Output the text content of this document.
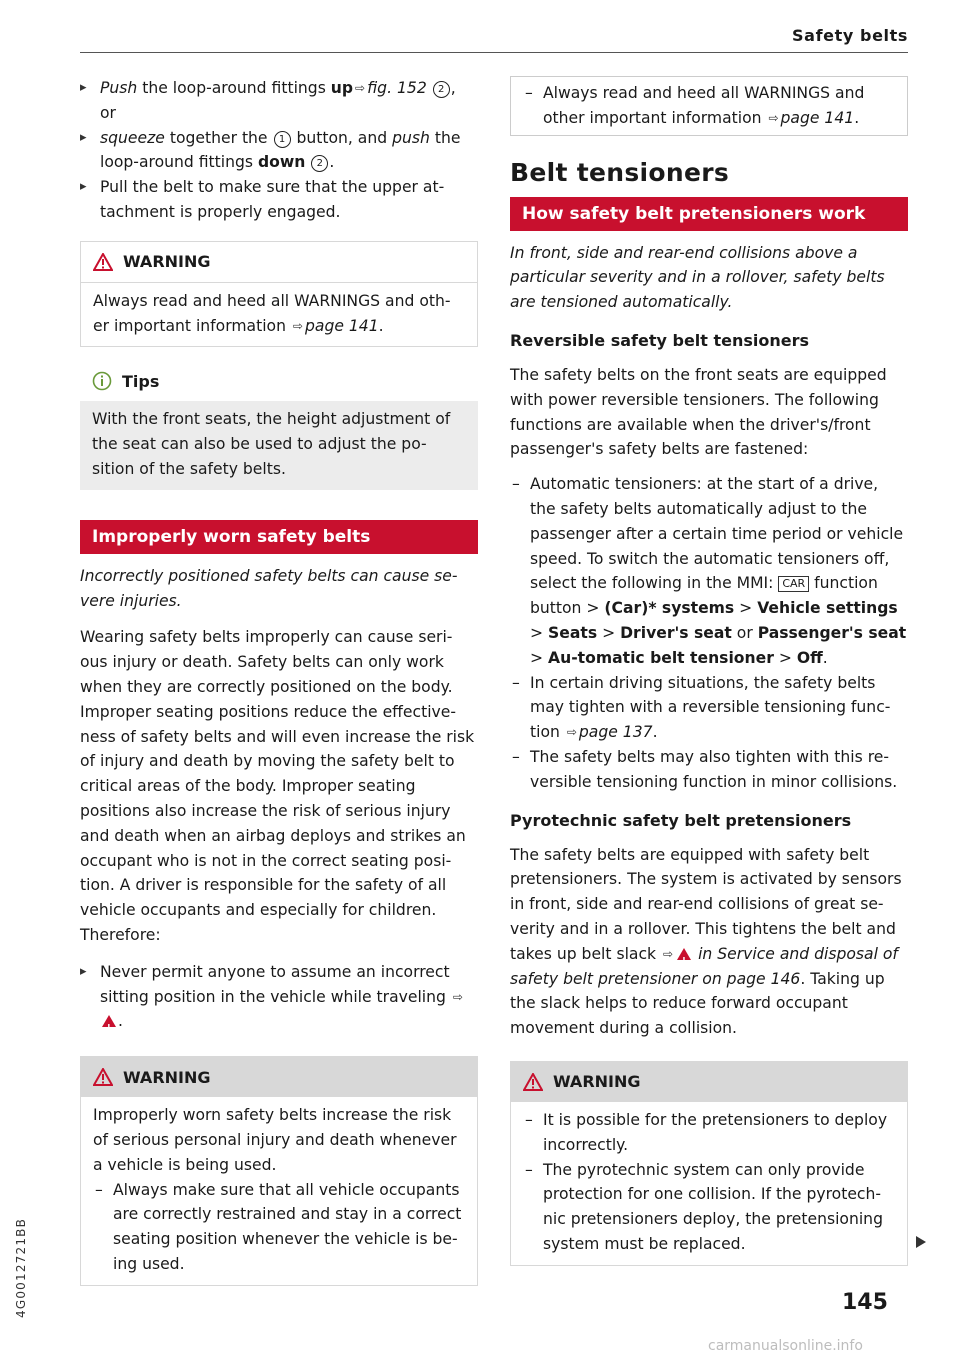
Safety belts

▸ Push the loop-around fittings up ⇨ fig. 152 2 ,

or

▸ squeeze together the 1 button, and push the loop-around fittings down 2 .

▸ Pull the belt to make sure that the upper at-tachment is properly engaged.

WARNING

Always read and heed all WARNINGS and oth-er important information ⇨ page 141.

Tips

With the front seats, the height adjustment of the seat can also be used to adjust the po-sition of the safety belts.

Improperly worn safety belts

Incorrectly positioned safety belts can cause se-vere injuries.

Wearing safety belts improperly can cause seri-ous injury or death. Safety belts can only work when they are correctly positioned on the body. Improper seating positions reduce the effective-ness of safety belts and will even increase the risk of injury and death by moving the safety belt to critical areas of the body. Improper seating positions also increase the risk of serious injury and death when an airbag deploys and strikes an occupant who is not in the correct seating posi-tion. A driver is responsible for the safety of all vehicle occupants and especially for children. Therefore:

▸ Never permit anyone to assume an incorrect sitting position in the vehicle while traveling ⇨!.

WARNING

Improperly worn safety belts increase the risk of serious personal injury and death whenever a vehicle is being used.

– Always make sure that all vehicle occupants are correctly restrained and stay in a correct seating position whenever the vehicle is be-ing used.

– Always read and heed all WARNINGS and other important information ⇨ page 141.

Belt tensioners
How safety belt pretensioners work

In front, side and rear-end collisions above a particular severity and in a rollover, safety belts are tensioned automatically.

Reversible safety belt tensioners

The safety belts on the front seats are equipped with power reversible tensioners. The following functions are available when the driver's/front passenger's safety belts are fastened:

– Automatic tensioners: at the start of a drive, the safety belts automatically adjust to the passenger after a certain time period or vehicle speed. To switch the automatic tensioners off, select the following in the MMI: CAR function button > (Car)* systems > Vehicle settings > Seats > Driver's seat or Passenger's seat > Au-tomatic belt tensioner > Off.

– In certain driving situations, the safety belts may tighten with a reversible tensioning func-tion ⇨ page 137.

– The safety belts may also tighten with this re-versible tensioning function in minor collisions.

Pyrotechnic safety belt pretensioners

The safety belts are equipped with safety belt pretensioners. The system is activated by sensors in front, side and rear-end collisions of great se-verity and in a rollover. This tightens the belt and takes up belt slack ⇨! in Service and disposal of safety belt pretensioner on page 146. Taking up the slack helps to reduce forward occupant movement during a collision.

WARNING

– It is possible for the pretensioners to deploy incorrectly.

– The pyrotechnic system can only provide protection for one collision. If the pyrotech-nic pretensioners deploy, the pretensioning system must be replaced.

4G0012721BB	145
carmanualsonline.info
